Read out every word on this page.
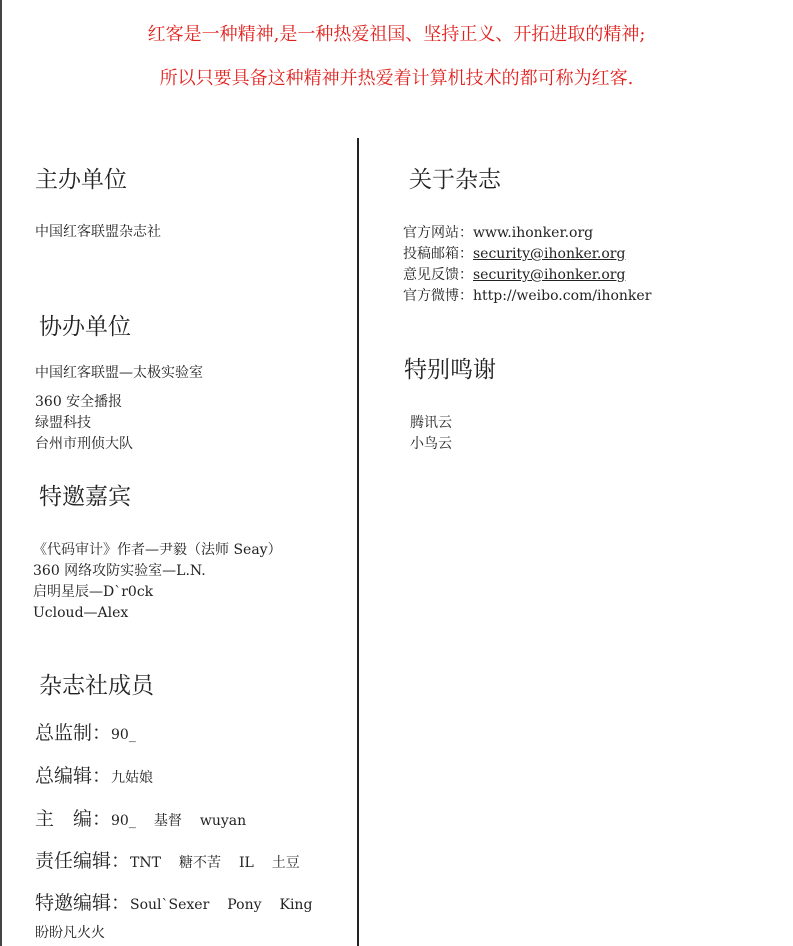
红客是一种精神,是一种热爱祖国、坚持正义、开拓进取的精神;
所以只要具备这种精神并热爱着计算机技术的都可称为红客.
主办单位
中国红客联盟杂志社
协办单位
中国红客联盟—太极实验室
360 安全播报
绿盟科技
台州市刑侦大队
特邀嘉宾
《代码审计》作者—尹毅（法师 Seay）
360 网络攻防实验室—L.N.
启明星辰—D`r0ck
Ucloud—Alex
杂志社成员
总监制：90_
总编辑：九姑娘
主　编：90_ 基督 wuyan
责任编辑：TNT 糖不苦 IL 土豆
特邀编辑：Soul`Sexer Pony King
盼盼凡火火
关于杂志
官方网站：www.ihonker.org
投稿邮箱：security@ihonker.org
意见反馈：security@ihonker.org
官方微博：http://weibo.com/ihonker
特别鸣谢
腾讯云
小鸟云
